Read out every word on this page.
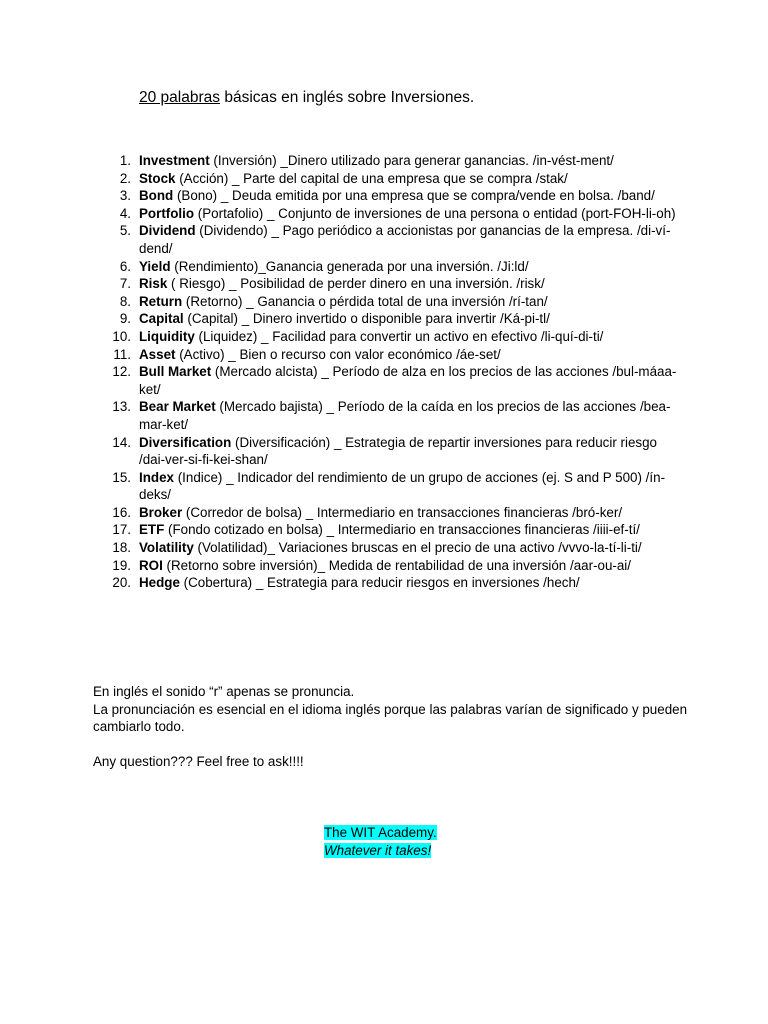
20 palabras básicas en inglés sobre Inversiones.
1. Investment (Inversión) _Dinero utilizado para generar ganancias. /in-vést-ment/
2. Stock (Acción) _ Parte del capital de una empresa que se compra /stak/
3. Bond (Bono) _ Deuda emitida por una empresa que se compra/vende en bolsa. /band/
4. Portfolio (Portafolio) _ Conjunto de inversiones de una persona o entidad (port-FOH-li-oh)
5. Dividend (Dividendo) _ Pago periódico a accionistas por ganancias de la empresa. /di-ví-dend/
6. Yield (Rendimiento)_Ganancia generada por una inversión. /Ji:ld/
7. Risk ( Riesgo) _ Posibilidad de perder dinero en una inversión. /risk/
8. Return (Retorno) _ Ganancia o pérdida total de una inversión /rí-tan/
9. Capital (Capital) _ Dinero invertido o disponible para invertir /Ká-pi-tl/
10. Liquidity (Liquidez) _ Facilidad para convertir un activo en efectivo /li-quí-di-ti/
11. Asset (Activo) _ Bien o recurso con valor económico /áe-set/
12. Bull Market (Mercado alcista) _ Período de alza en los precios de las acciones /bul-máaa-ket/
13. Bear Market (Mercado bajista) _ Período de la caída en los precios de las acciones /bea-mar-ket/
14. Diversification (Diversificación) _ Estrategia de repartir inversiones para reducir riesgo /dai-ver-si-fi-kei-shan/
15. Index (Indice) _ Indicador del rendimiento de un grupo de acciones (ej. S and P 500) /ín-deks/
16. Broker (Corredor de bolsa) _ Intermediario en transacciones financieras /bró-ker/
17. ETF (Fondo cotizado en bolsa) _ Intermediario en transacciones financieras /iiii-ef-tí/
18. Volatility (Volatilidad)_ Variaciones bruscas en el precio de una activo /vvvo-la-tí-li-ti/
19. ROI (Retorno sobre inversión)_ Medida de rentabilidad de una inversión /aar-ou-ai/
20. Hedge (Cobertura) _ Estrategia para reducir riesgos en inversiones /hech/

En inglés el sonido “r” apenas se pronuncia.

La pronunciación es esencial en el idioma inglés porque las palabras varían de significado y pueden cambiarlo todo.

Any question??? Feel free to ask!!!!

The WIT Academy.
Whatever it takes!
